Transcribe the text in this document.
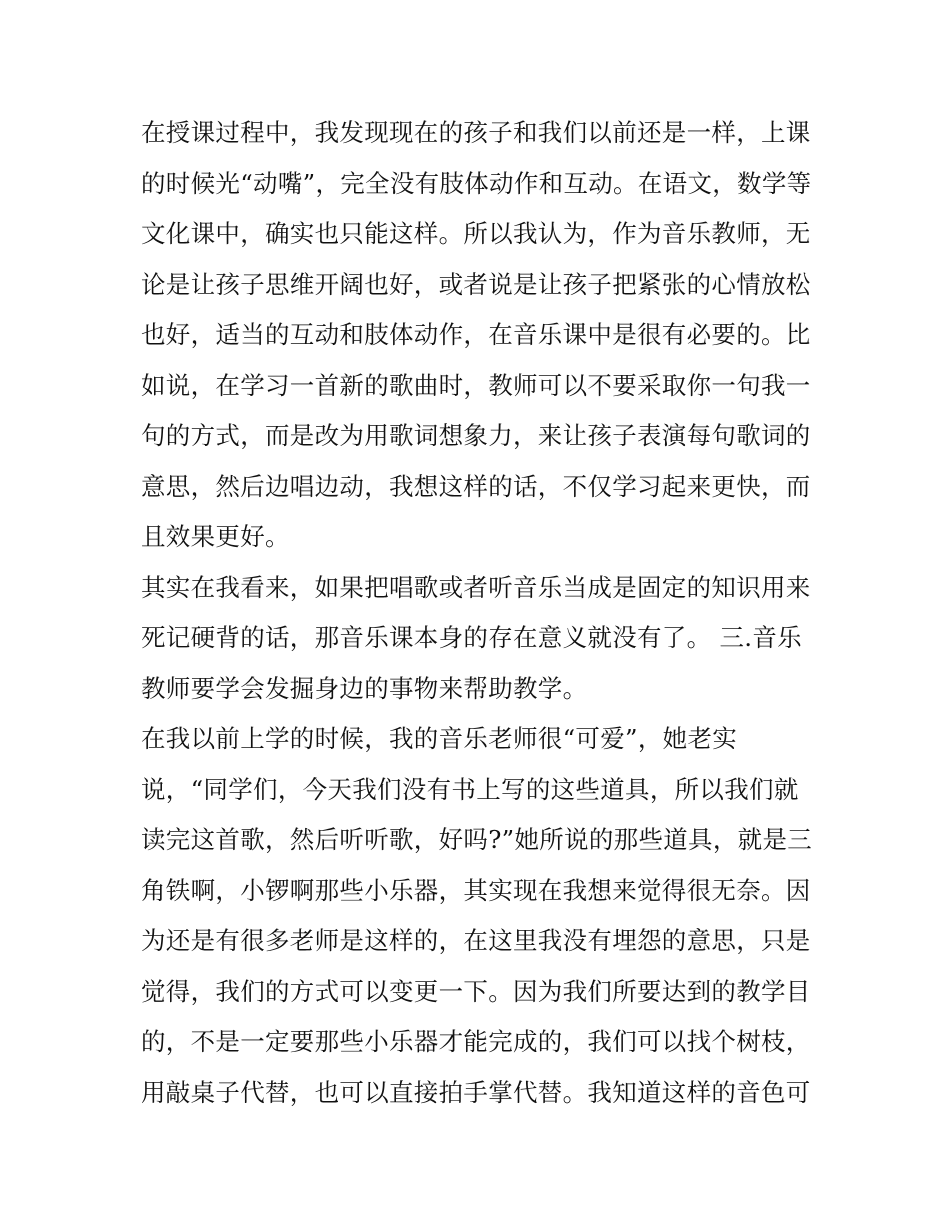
在授课过程中，我发现现在的孩子和我们以前还是一样，上课
的时候光“动嘴”，完全没有肢体动作和互动。在语文，数学等
文化课中，确实也只能这样。所以我认为，作为音乐教师，无
论是让孩子思维开阔也好，或者说是让孩子把紧张的心情放松
也好，适当的互动和肢体动作，在音乐课中是很有必要的。比
如说，在学习一首新的歌曲时，教师可以不要采取你一句我一
句的方式，而是改为用歌词想象力，来让孩子表演每句歌词的
意思，然后边唱边动，我想这样的话，不仅学习起来更快，而
且效果更好。
其实在我看来，如果把唱歌或者听音乐当成是固定的知识用来
死记硬背的话，那音乐课本身的存在意义就没有了。 三.音乐
教师要学会发掘身边的事物来帮助教学。
在我以前上学的时候，我的音乐老师很“可爱”，她老实
说，“同学们，今天我们没有书上写的这些道具，所以我们就
读完这首歌，然后听听歌，好吗?”她所说的那些道具，就是三
角铁啊，小锣啊那些小乐器，其实现在我想来觉得很无奈。因
为还是有很多老师是这样的，在这里我没有埋怨的意思，只是
觉得，我们的方式可以变更一下。因为我们所要达到的教学目
的，不是一定要那些小乐器才能完成的，我们可以找个树枝，
用敲桌子代替，也可以直接拍手掌代替。我知道这样的音色可
